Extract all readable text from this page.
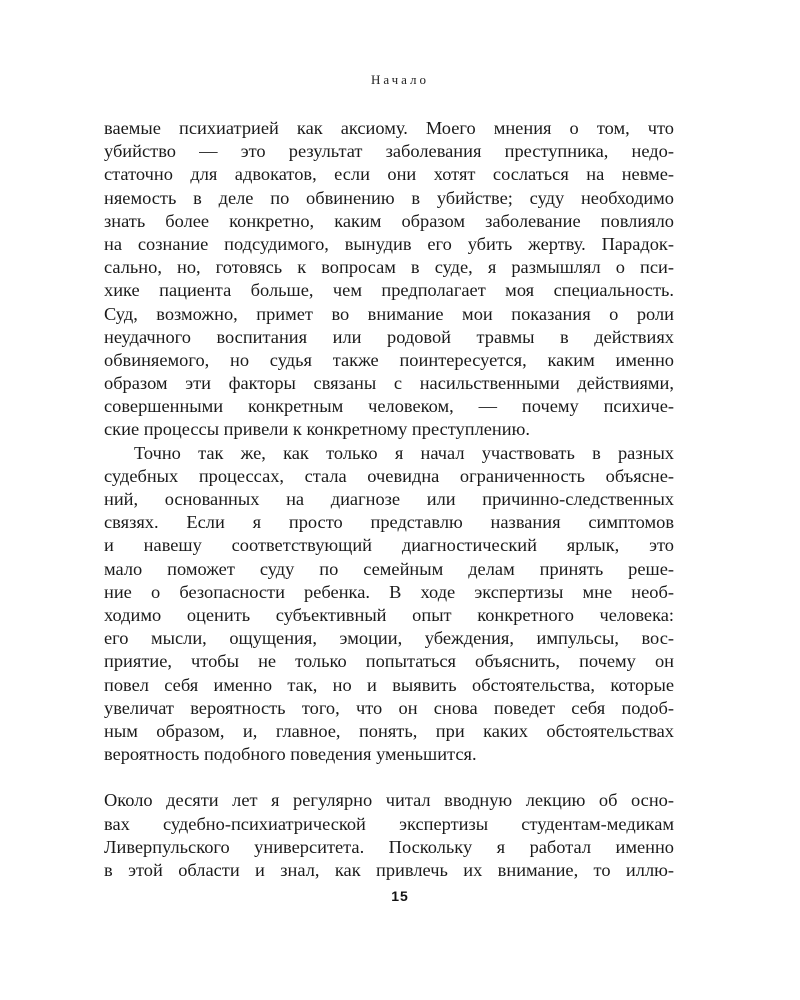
Начало
ваемые психиатрией как аксиому. Моего мнения о том, что
убийство — это результат заболевания преступника, недо-
статочно для адвокатов, если они хотят сослаться на невме-
няемость в деле по обвинению в убийстве; суду необходимо
знать более конкретно, каким образом заболевание повлияло
на сознание подсудимого, вынудив его убить жертву. Парадок-
сально, но, готовясь к вопросам в суде, я размышлял о пси-
хике пациента больше, чем предполагает моя специальность.
Суд, возможно, примет во внимание мои показания о роли
неудачного воспитания или родовой травмы в действиях
обвиняемого, но судья также поинтересуется, каким именно
образом эти факторы связаны с насильственными действиями,
совершенными конкретным человеком, — почему психиче-
ские процессы привели к конкретному преступлению.
Точно так же, как только я начал участвовать в разных
судебных процессах, стала очевидна ограниченность объясне-
ний, основанных на диагнозе или причинно-следственных
связях. Если я просто представлю названия симптомов
и навешу соответствующий диагностический ярлык, это
мало поможет суду по семейным делам принять реше-
ние о безопасности ребенка. В ходе экспертизы мне необ-
ходимо оценить субъективный опыт конкретного человека:
его мысли, ощущения, эмоции, убеждения, импульсы, вос-
приятие, чтобы не только попытаться объяснить, почему он
повел себя именно так, но и выявить обстоятельства, которые
увеличат вероятность того, что он снова поведет себя подоб-
ным образом, и, главное, понять, при каких обстоятельствах
вероятность подобного поведения уменьшится.
Около десяти лет я регулярно читал вводную лекцию об осно-
вах судебно-психиатрической экспертизы студентам-медикам
Ливерпульского университета. Поскольку я работал именно
в этой области и знал, как привлечь их внимание, то иллю-
15
